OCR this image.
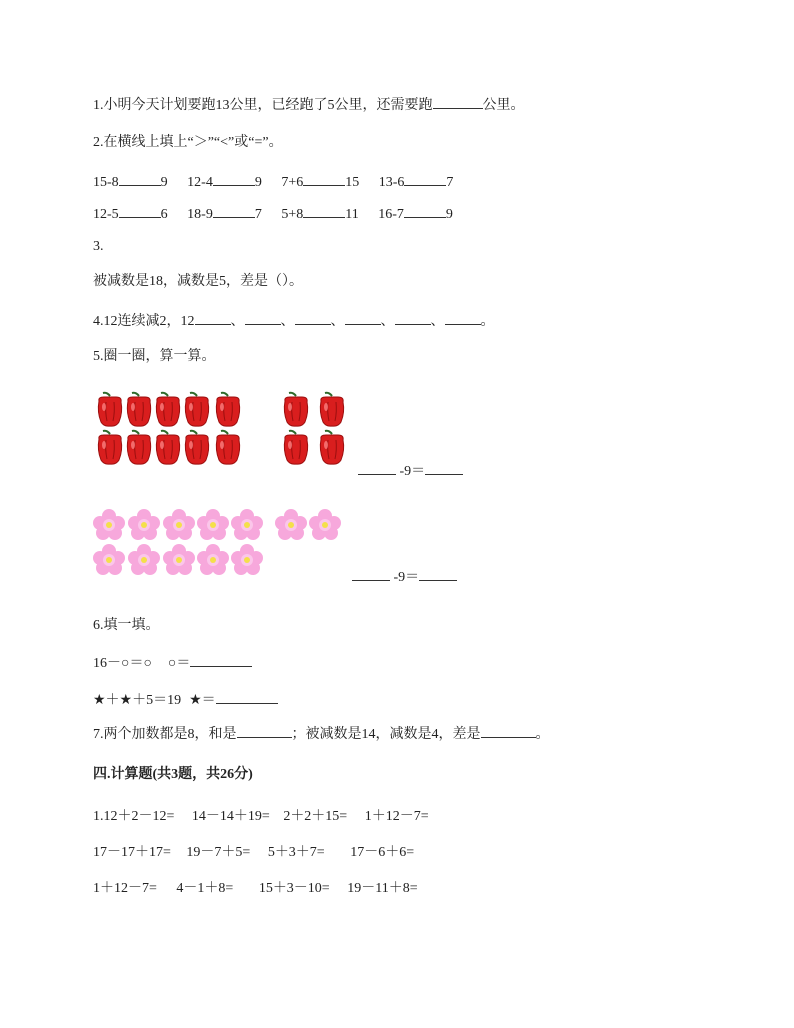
1.小明今天计划要跑13公里，已经跑了5公里，还需要跑	公里。
2.在横线上填上“＞”“<”或“=”。
15-8	9 12-4	9 7+6	15 13-6	7
12-5	6 18-9	7 5+8	11 16-7	9
3.
被减数是18，减数是5，差是（）。
4.12连续减2，12	、	、	、	、	、	。
5.圈一圈，算一算。
-9＝
-9＝
6.填一填。
16－○＝○ ○＝
★＋★＋5＝19 ★＝
7.两个加数都是8，和是	；被减数是14，减数是4，差是	。
四.计算题(共3题，共26分)
1.12＋2－12= 14－14＋19= 2＋2＋15= 1＋12－7=
17－17＋17= 19－7＋5= 5＋3＋7= 17－6＋6=
1＋12－7= 4－1＋8= 15＋3－10= 19－11＋8=
